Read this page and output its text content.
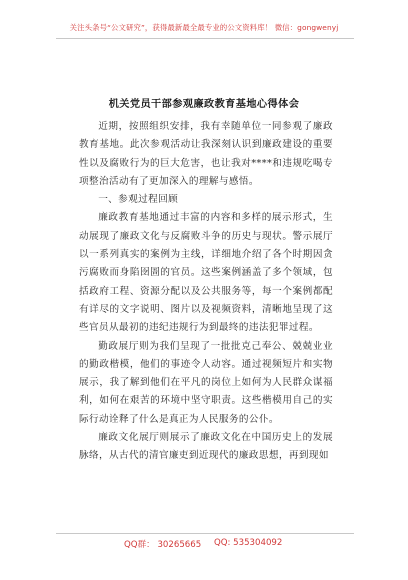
关注头条号“公文研究”，获得最新最全最专业的公文资料库！ 微信：gongwenyj
机关党员干部参观廉政教育基地心得体会

近期，按照组织安排，我有幸随单位一同参观了廉政教育基地。此次参观活动让我深刻认识到廉政建设的重要性以及腐败行为的巨大危害，也让我对****和违规吃喝专项整治活动有了更加深入的理解与感悟。

一、参观过程回顾

廉政教育基地通过丰富的内容和多样的展示形式，生动展现了廉政文化与反腐败斗争的历史与现状。警示展厅以一系列真实的案例为主线，详细地介绍了各个时期因贪污腐败而身陷囹圄的官员。这些案例涵盖了多个领域，包括政府工程、资源分配以及公共服务等，每一个案例都配有详尽的文字说明、图片以及视频资料，清晰地呈现了这些官员从最初的违纪违规行为到最终的违法犯罪过程。

勤政展厅则为我们呈现了一批批克己奉公、兢兢业业的勤政楷模，他们的事迹令人动容。通过视频短片和实物展示，我了解到他们在平凡的岗位上如何为人民群众谋福利，如何在艰苦的环境中坚守职责。这些楷模用自己的实际行动诠释了什么是真正为人民服务的公仆。

廉政文化展厅则展示了廉政文化在中国历史上的发展脉络，从古代的清官廉吏到近现代的廉政思想，再到现如

QQ群： 30265665 QQ: 535304092
